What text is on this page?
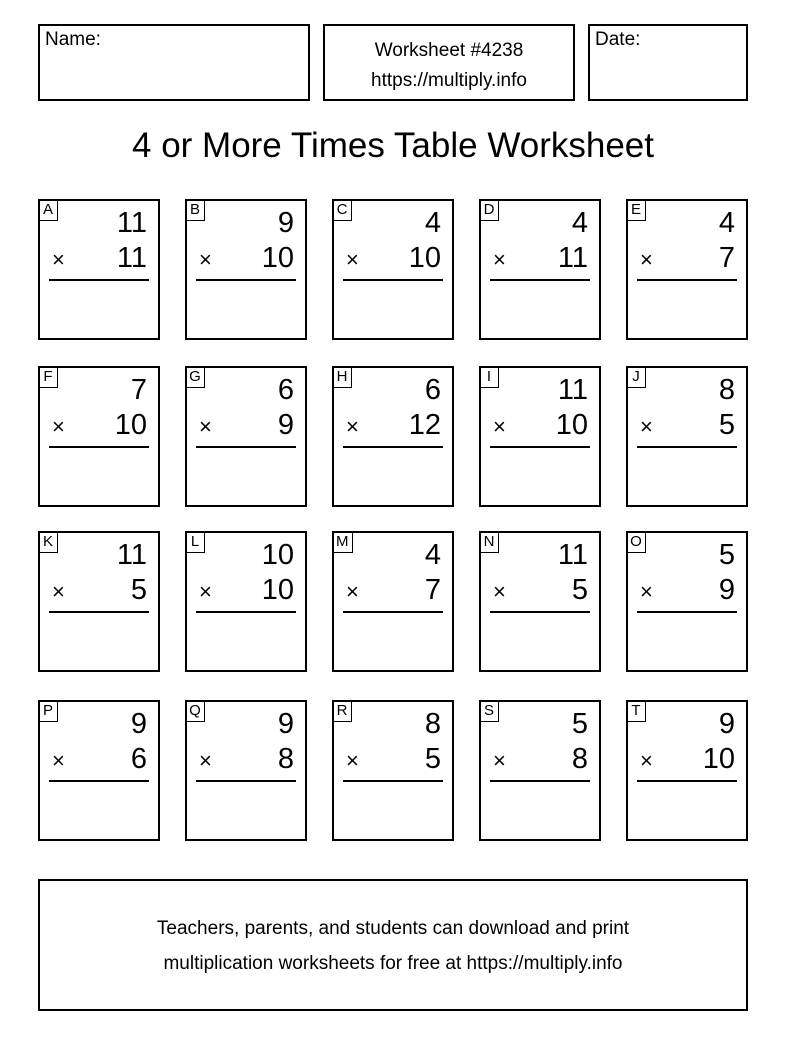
Name:
Worksheet #4238
https://multiply.info
Date:
4 or More Times Table Worksheet
A 11
× 11
B	9
× 10
C	4
× 10
D	4
× 11
E	4
× 7
F	7
× 10
G	6
× 9
H	6
× 12
I 11
× 10
J	8
× 5
K 11
× 5
L 10
× 10
M	4
× 7
N 11
× 5
O	5
× 9
P	9
× 6
Q	9
× 8
R	8
× 5
S	5
× 8
T	9
× 10
Teachers, parents, and students can download and print
multiplication worksheets for free at https://multiply.info
